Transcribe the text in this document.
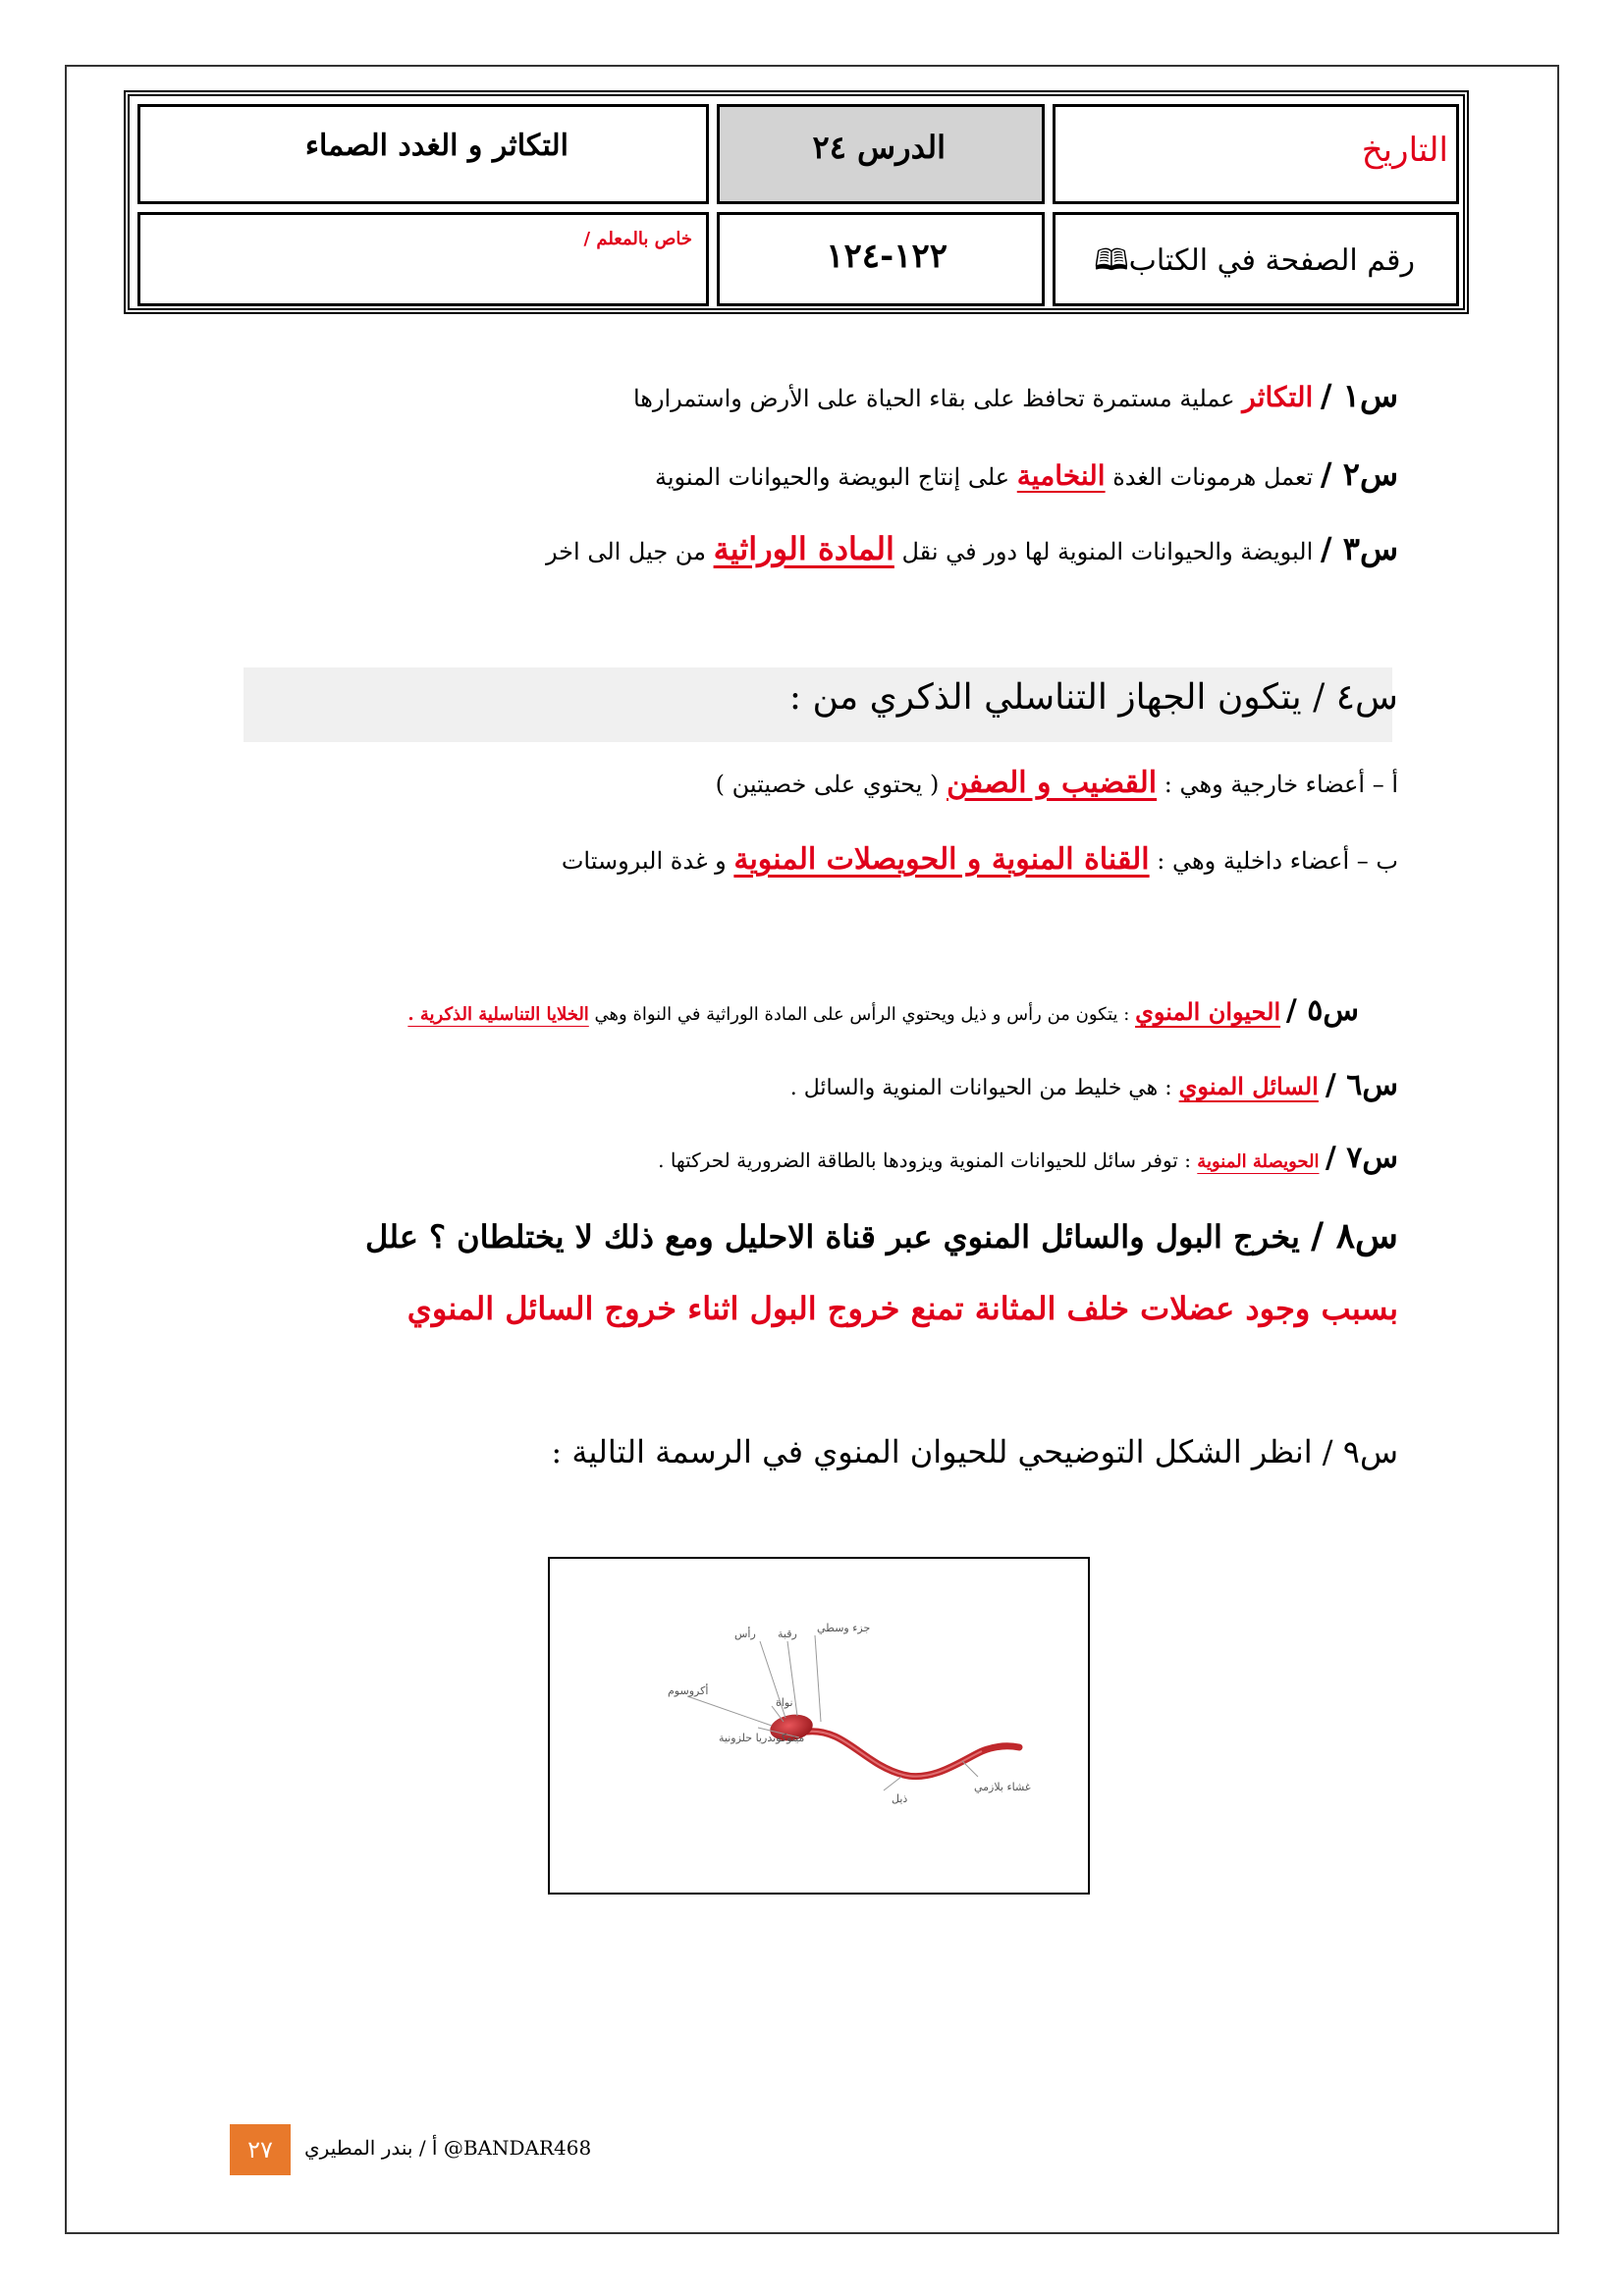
التكاثر و الغدد الصماء	الدرس ٢٤	التاريخ
خاص بالمعلم /	١٢٢-١٢٤	رقم الصفحة في الكتاب🕮
س١ / التكاثر عملية مستمرة تحافظ على بقاء الحياة على الأرض واستمرارها
س٢ / تعمل هرمونات الغدة النخامية على إنتاج البويضة والحيوانات المنوية
س٣ / البويضة والحيوانات المنوية لها دور في نقل المادة الوراثية من جيل الى اخر
س٤ / يتكون الجهاز التناسلي الذكري من :
أ – أعضاء خارجية وهي : القضيب و الصفن ( يحتوي على خصيتين )
ب – أعضاء داخلية وهي : القناة المنوية و الحويصلات المنوية و غدة البروستات
س٥ / الحيوان المنوي : يتكون من رأس و ذيل ويحتوي الرأس على المادة الوراثية في النواة وهي الخلايا التناسلية الذكرية .
س٦ / السائل المنوي : هي خليط من الحيوانات المنوية والسائل .
س٧ / الحويصلة المنوية : توفر سائل للحيوانات المنوية ويزودها بالطاقة الضرورية لحركتها .
س٨ / يخرج البول والسائل المنوي عبر قناة الاحليل ومع ذلك لا يختلطان ؟ علل
بسبب وجود عضلات خلف المثانة تمنع خروج البول اثناء خروج السائل المنوي
س٩ / انظر الشكل التوضيحي للحيوان المنوي في الرسمة التالية :
جزء وسطي
رقبة
رأس
نواة
أكروسوم
ميتوكوندريا حلزونية
ذيل
غشاء بلازمي
٢٧	أ / بندر المطيري @BANDAR468
